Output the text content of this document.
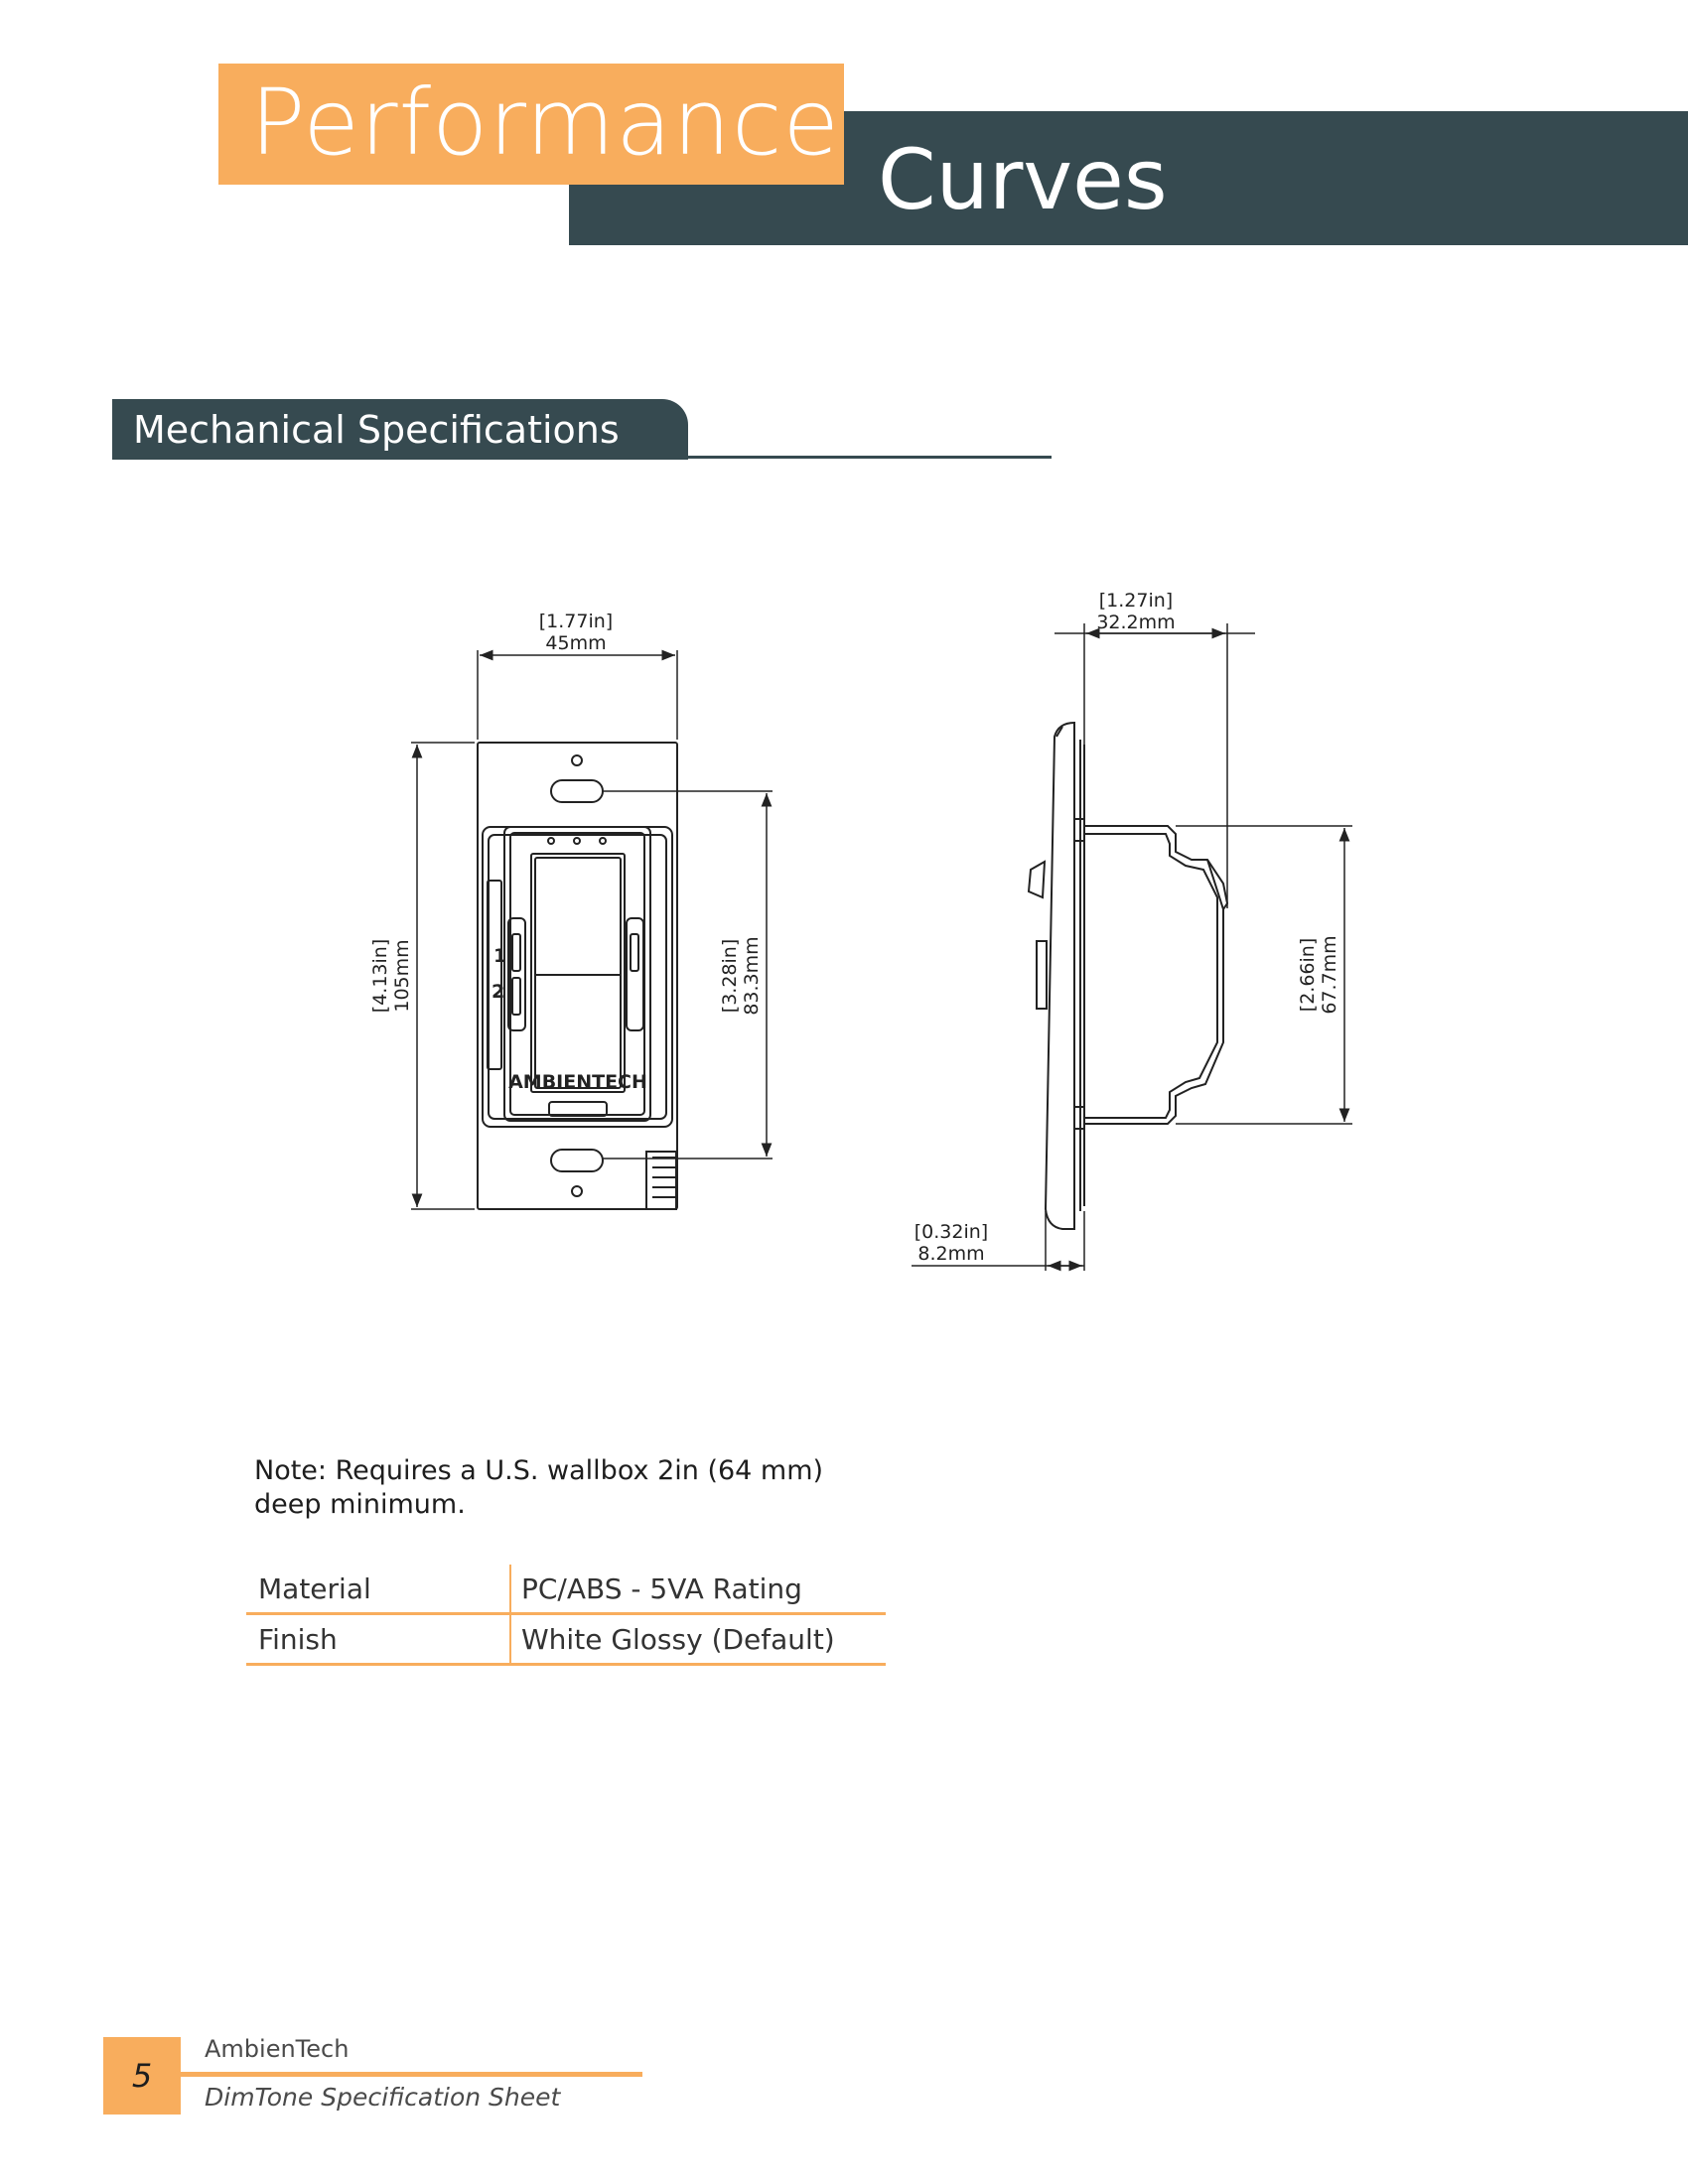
Performance
Curves
Mechanical Specifications
1
2
AMBIENTECH
[1.77in]
45mm
[4.13in] 105mm	[3.28in] 83.3mm
[1.27in]
32.2mm
[2.66in] 67.7mm
[0.32in]
8.2mm
Note: Requires a U.S. wallbox 2in (64 mm) deep minimum.
Material	PC/ABS - 5VA Rating
Finish	White Glossy (Default)
5
AmbienTech
DimTone Specification Sheet
